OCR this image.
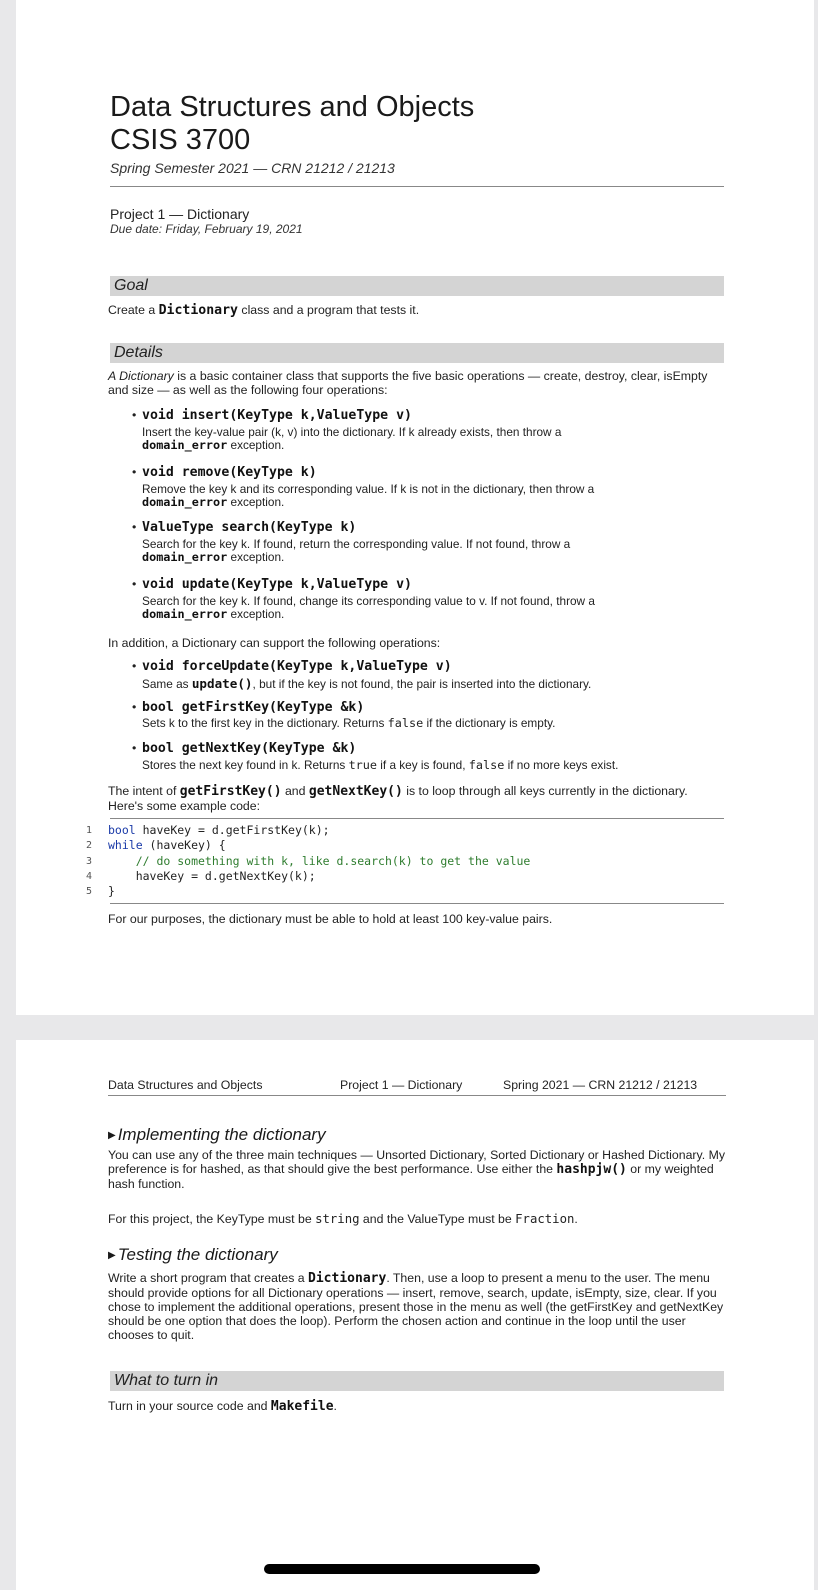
Data Structures and Objects
CSIS 3700
Spring Semester 2021 — CRN 21212 / 21213
Project 1 — Dictionary
Due date: Friday, February 19, 2021
Goal
Create a Dictionary class and a program that tests it.
Details
A Dictionary is a basic container class that supports the five basic operations — create, destroy, clear, isEmpty and size — as well as the following four operations:
• void insert(KeyType k,ValueType v)
Insert the key-value pair (k, v) into the dictionary. If k already exists, then throw a
domain_error exception.
• void remove(KeyType k)
Remove the key k and its corresponding value. If k is not in the dictionary, then throw a
domain_error exception.
• ValueType search(KeyType k)
Search for the key k. If found, return the corresponding value. If not found, throw a
domain_error exception.
• void update(KeyType k,ValueType v)
Search for the key k. If found, change its corresponding value to v. If not found, throw a
domain_error exception.
In addition, a Dictionary can support the following operations:
• void forceUpdate(KeyType k,ValueType v)
Same as update(), but if the key is not found, the pair is inserted into the dictionary.
• bool getFirstKey(KeyType &k)
Sets k to the first key in the dictionary. Returns false if the dictionary is empty.
• bool getNextKey(KeyType &k)
Stores the next key found in k. Returns true if a key is found, false if no more keys exist.
The intent of getFirstKey() and getNextKey() is to loop through all keys currently in the dictionary. Here's some example code:
1 bool haveKey = d.getFirstKey(k);
2 while (haveKey) {
3 // do something with k, like d.search(k) to get the value
4 haveKey = d.getNextKey(k);
5 }
For our purposes, the dictionary must be able to hold at least 100 key-value pairs.
Data Structures and Objects	Project 1 — Dictionary	Spring 2021 — CRN 21212 / 21213
▶ Implementing the dictionary
You can use any of the three main techniques — Unsorted Dictionary, Sorted Dictionary or Hashed Dictionary. My preference is for hashed, as that should give the best performance. Use either the hashpjw() or my weighted hash function.
For this project, the KeyType must be string and the ValueType must be Fraction.
▶ Testing the dictionary
Write a short program that creates a Dictionary. Then, use a loop to present a menu to the user. The menu should provide options for all Dictionary operations — insert, remove, search, update, isEmpty, size, clear. If you chose to implement the additional operations, present those in the menu as well (the getFirstKey and getNextKey should be one option that does the loop). Perform the chosen action and continue in the loop until the user chooses to quit.
What to turn in
Turn in your source code and Makefile.
